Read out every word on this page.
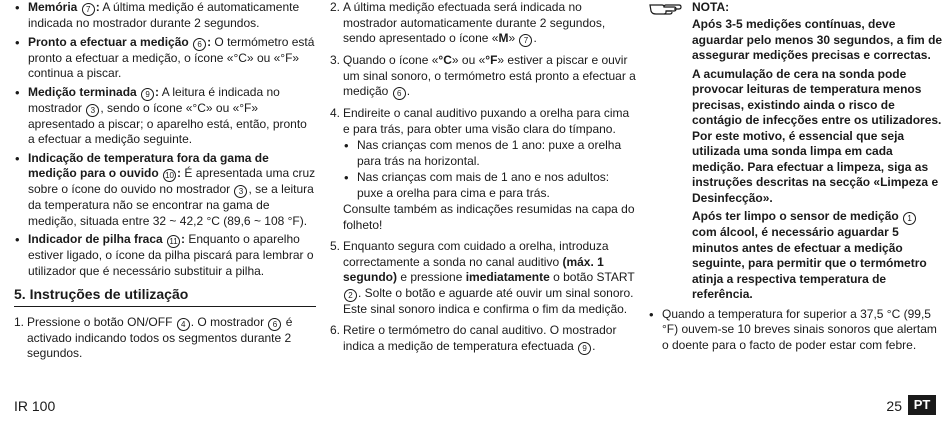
• Memória 7 : A última medição é automaticamente indicada no mostrador durante 2 segundos.
• Pronto a efectuar a medição 6 : O termómetro está pronto a efectuar a medição, o ícone «°C» ou «°F» continua a piscar.
• Medição terminada 9 : A leitura é indicada no mostrador 3 , sendo o ícone «°C» ou «°F» apresentado a piscar; o aparelho está, então, pronto a efectuar a medição seguinte.
• Indicação de temperatura fora da gama de medição para o ouvido 10 : É apresentada uma cruz sobre o ícone do ouvido no mostrador 3 , se a leitura da temperatura não se encontrar na gama de medição, situada entre 32 ~ 42,2 °C (89,6 ~ 108 °F).
• Indicador de pilha fraca 11 : Enquanto o aparelho estiver ligado, o ícone da pilha piscará para lembrar o utilizador que é necessário substituir a pilha.
5. Instruções de utilização
1. Pressione o botão ON/OFF 4 . O mostrador 6 é activado indicando todos os segmentos durante 2 segundos.
2. A última medição efectuada será indicada no mostrador automaticamente durante 2 segundos, sendo apresentado o ícone «M» 7 .
3. Quando o ícone «°C» ou «°F» estiver a piscar e ouvir um sinal sonoro, o termómetro está pronto a efectuar a medição 6 .
4. Endireite o canal auditivo puxando a orelha para cima e para trás, para obter uma visão clara do tímpano.
• Nas crianças com menos de 1 ano: puxe a orelha para trás na horizontal.
• Nas crianças com mais de 1 ano e nos adultos: puxe a orelha para cima e para trás.
Consulte também as indicações resumidas na capa do folheto!
5. Enquanto segura com cuidado a orelha, introduza correctamente a sonda no canal auditivo (máx. 1 segundo) e pressione imediatamente o botão START 2 . Solte o botão e aguarde até ouvir um sinal sonoro. Este sinal sonoro indica e confirma o fim da medição.
6. Retire o termómetro do canal auditivo. O mostrador indica a medição de temperatura efectuada 9 .
NOTA:

Após 3-5 medições contínuas, deve aguardar pelo menos 30 segundos, a fim de assegurar medições precisas e correctas.

A acumulação de cera na sonda pode provocar leituras de temperatura menos precisas, existindo ainda o risco de contágio de infecções entre os utilizadores. Por este motivo, é essencial que seja utilizada uma sonda limpa em cada medição. Para efectuar a limpeza, siga as instruções descritas na secção «Limpeza e Desinfecção».

Após ter limpo o sensor de medição 1 com álcool, é necessário aguardar 5 minutos antes de efectuar a medição seguinte, para permitir que o termómetro atinja a respectiva temperatura de referência.

• Quando a temperatura for superior a 37,5 °C (99,5 °F) ouvem-se 10 breves sinais sonoros que alertam o doente para o facto de poder estar com febre.
IR 100	25 PT
